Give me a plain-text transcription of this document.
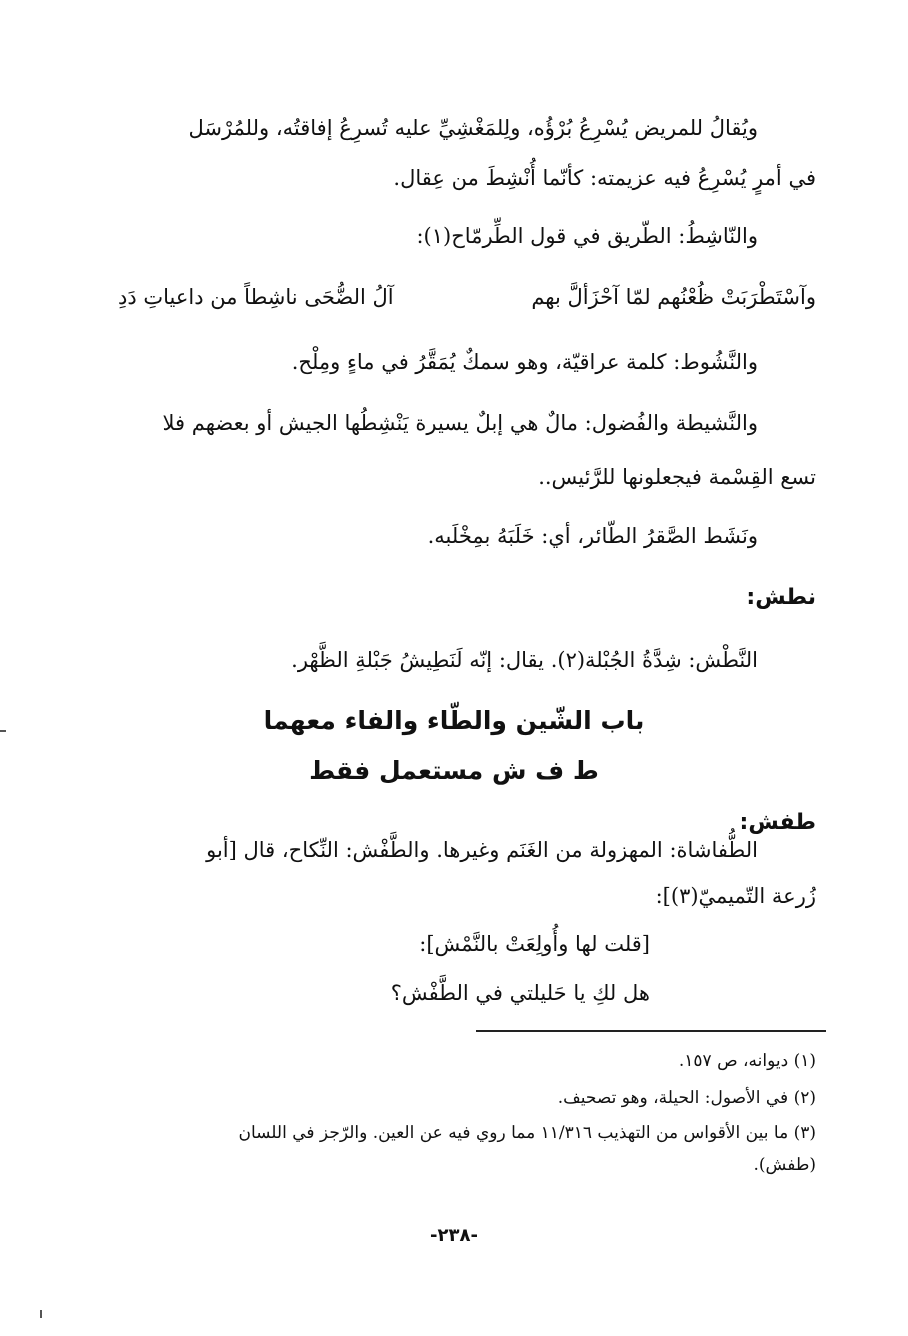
ويُقالُ للمريض يُسْرِعُ بُرْؤُه، ولِلمَغْشِيِّ عليه تُسرِعُ إفاقتُه، وللمُرْسَل
في أمرٍ يُسْرِعُ فيه عزيمته: كأنّما أُنْشِطَ من عِقال.
والنّاشِطُ: الطّريق في قول الطِّرمّاح(١):
وآسْتَطْرَبَتْ ظُعْنُهم لمّا آحْزَألَّ بهم
آلُ الضُّحَى ناشِطاً من داعياتِ دَدِ
والنَّشُوط: كلمة عراقيّة، وهو سمكٌ يُمَقَّرُ في ماءٍ ومِلْح.
والنَّشيطة والفُضول: مالٌ هي إبلٌ يسيرة يَنْشِطُها الجيش أو بعضهم فلا
تسع القِسْمة فيجعلونها للرَّئيس..
ونَشَط الصَّقرُ الطّائر، أي: خَلَبَهُ بمِخْلَبه.
نطش:
النَّطْش: شِدَّةُ الجُبْلة(٢). يقال: إنّه لَنَطِيشُ جَبْلةِ الظَّهْر.
باب الشّين والطّاء والفاء معهما
ط ف ش مستعمل فقط
طفش:
الطُّفاشاة: المهزولة من الغَنَم وغيرها. والطَّفْش: النِّكاح، قال [أبو
زُرعة التّميميّ(٣)]:
[قلت لها وأُولِعَتْ بالنَّمْش]:
هل لكِ يا حَليلتي في الطَّفْش؟
(١) ديوانه، ص ١٥٧.
(٢) في الأصول: الحيلة، وهو تصحيف.
(٣) ما بين الأقواس من التهذيب ١١/٣١٦ مما روي فيه عن العين. والرّجز في اللسان
(طفش).
-٢٣٨-
